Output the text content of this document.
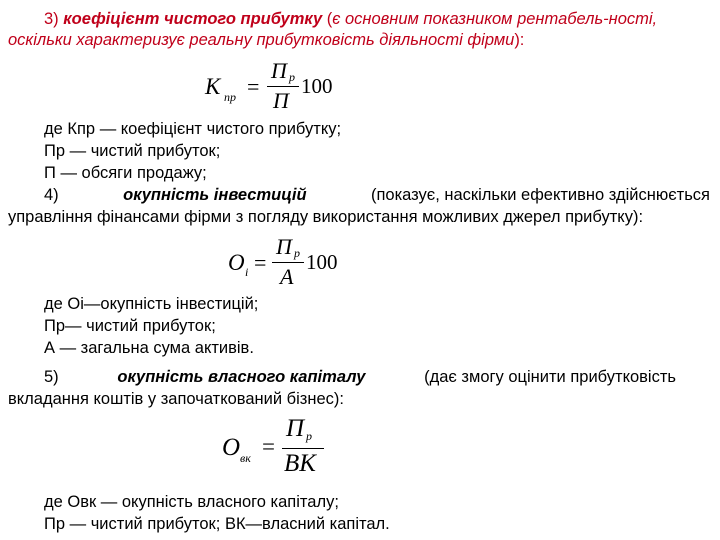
3) коефіцієнт чистого прибутку (є основним показником рентабель-ності,
оскільки характеризує реальну прибутковість діяльності фірми):
K пр =
П р
П
100
де Кпр — коефіцієнт чистого прибутку;
Пр — чистий прибуток;
П — обсяги продажу;
4)	окупність інвестицій	(показує, наскільки ефективно здійснюється
управління фінансами фірми з погляду використання можливих джерел прибутку):
O i =
П р
A
100
де Оі—окупність інвестицій;
Пр— чистий прибуток;
А — загальна сума активів.
5)	окупність власного капіталу	(дає змогу оцінити прибутковість
вкладання коштів у започаткований бізнес):
O вк =
П р
BK
де Овк — окупність власного капіталу;
Пр — чистий прибуток; ВК—власний капітал.
